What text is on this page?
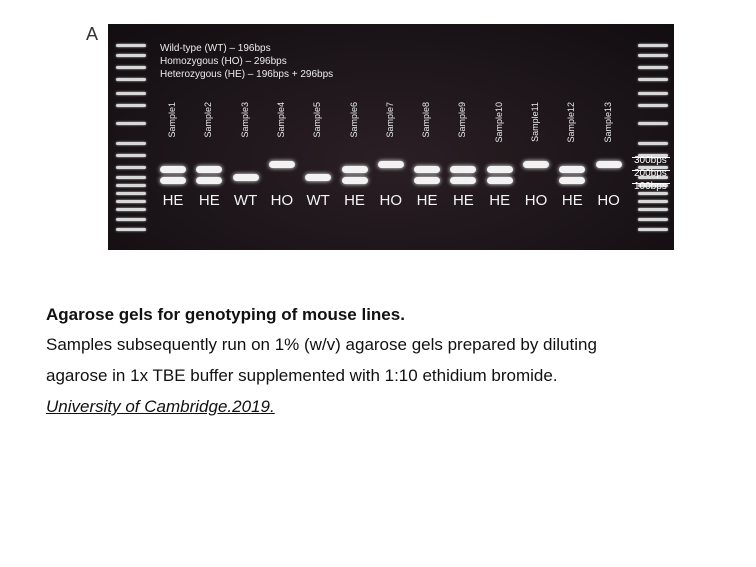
A
Wild-type (WT) – 196bps
Homozygous (HO) – 296bps
Heterozygous (HE) – 196bps + 296bps
300bps
200bps
100bps
Sample1
HE
Sample2
HE
Sample3
WT
Sample4
HO
Sample5
WT
Sample6
HE
Sample7
HO
Sample8
HE
Sample9
HE
Sample10
HE
Sample11
HO
Sample12
HE
Sample13
HO
Agarose gels for genotyping of mouse lines.
Samples subsequently run on 1% (w/v) agarose gels prepared by diluting
agarose in 1x TBE buffer supplemented with 1:10 ethidium bromide.
University of Cambridge.2019.
